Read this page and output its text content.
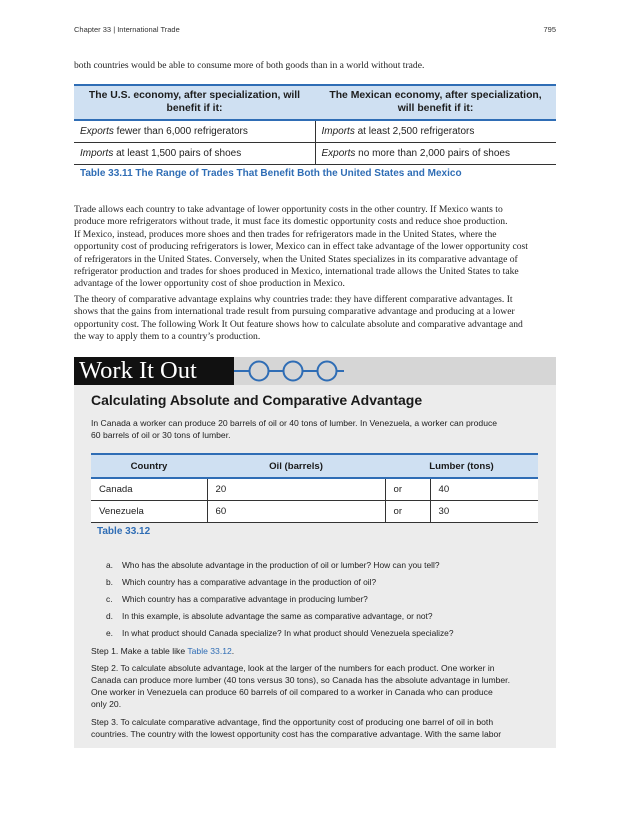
Chapter 33 | International Trade	795
both countries would be able to consume more of both goods than in a world without trade.
The U.S. economy, after specialization, will benefit if it:	The Mexican economy, after specialization, will benefit if it:
Exports fewer than 6,000 refrigerators	Imports at least 2,500 refrigerators
Imports at least 1,500 pairs of shoes	Exports no more than 2,000 pairs of shoes
Table 33.11 The Range of Trades That Benefit Both the United States and Mexico
Trade allows each country to take advantage of lower opportunity costs in the other country. If Mexico wants to
produce more refrigerators without trade, it must face its domestic opportunity costs and reduce shoe production.
If Mexico, instead, produces more shoes and then trades for refrigerators made in the United States, where the
opportunity cost of producing refrigerators is lower, Mexico can in effect take advantage of the lower opportunity cost
of refrigerators in the United States. Conversely, when the United States specializes in its comparative advantage of
refrigerator production and trades for shoes produced in Mexico, international trade allows the United States to take
advantage of the lower opportunity cost of shoe production in Mexico.
The theory of comparative advantage explains why countries trade: they have different comparative advantages. It
shows that the gains from international trade result from pursuing comparative advantage and producing at a lower
opportunity cost. The following Work It Out feature shows how to calculate absolute and comparative advantage and
the way to apply them to a country’s production.
Work It Out
Calculating Absolute and Comparative Advantage
In Canada a worker can produce 20 barrels of oil or 40 tons of lumber. In Venezuela, a worker can produce
60 barrels of oil or 30 tons of lumber.
Country	Oil (barrels)	Lumber (tons)	
Canada	20	or	40
Venezuela	60	or	30
Table 33.12
a.	Who has the absolute advantage in the production of oil or lumber? How can you tell?
b.	Which country has a comparative advantage in the production of oil?
c.	Which country has a comparative advantage in producing lumber?
d.	In this example, is absolute advantage the same as comparative advantage, or not?
e.	In what product should Canada specialize? In what product should Venezuela specialize?
Step 1. Make a table like Table 33.12.
Step 2. To calculate absolute advantage, look at the larger of the numbers for each product. One worker in
Canada can produce more lumber (40 tons versus 30 tons), so Canada has the absolute advantage in lumber.
One worker in Venezuela can produce 60 barrels of oil compared to a worker in Canada who can produce
only 20.
Step 3. To calculate comparative advantage, find the opportunity cost of producing one barrel of oil in both
countries. The country with the lowest opportunity cost has the comparative advantage. With the same labor
